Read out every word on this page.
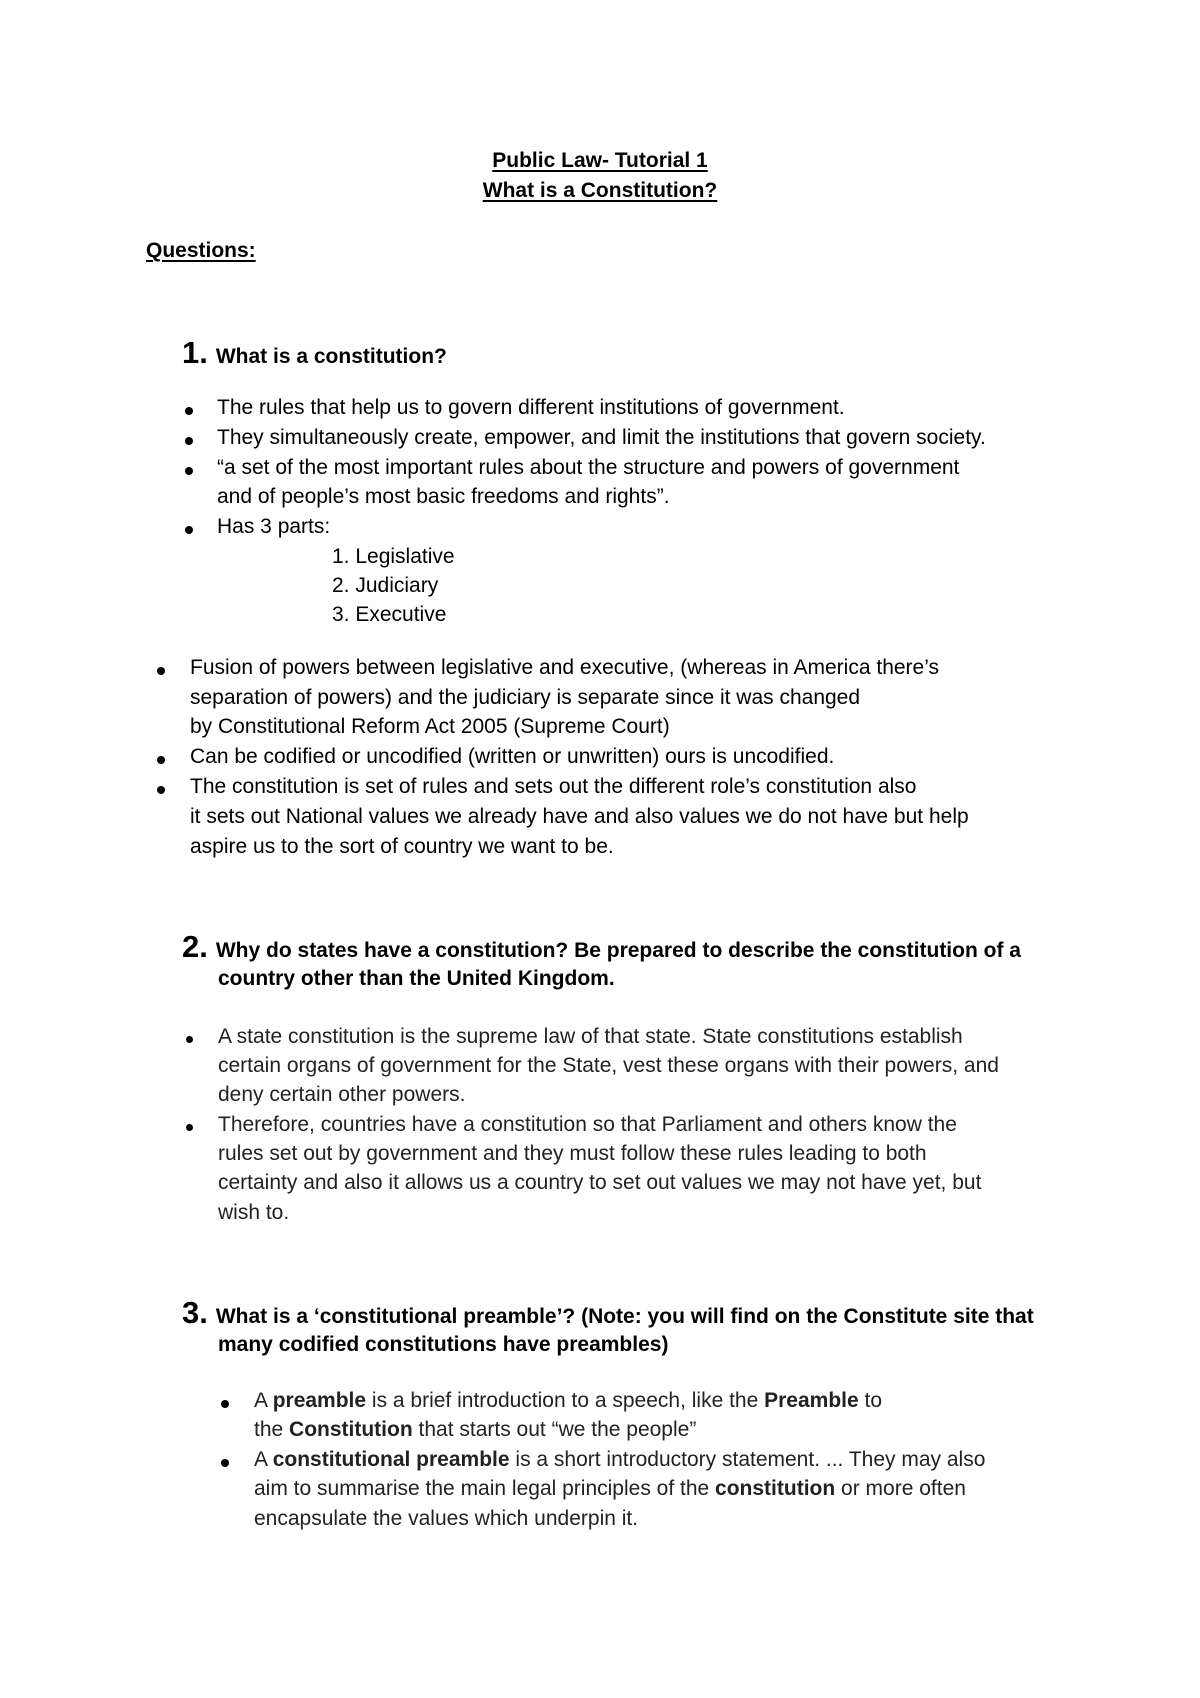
Public Law- Tutorial 1
What is a Constitution?
Questions:
1. What is a constitution?
The rules that help us to govern different institutions of government.
They simultaneously create, empower, and limit the institutions that govern society.
“a set of the most important rules about the structure and powers of government
and of people’s most basic freedoms and rights”.
Has 3 parts:
1. Legislative
2. Judiciary
3. Executive
Fusion of powers between legislative and executive, (whereas in America there’s
separation of powers) and the judiciary is separate since it was changed
by Constitutional Reform Act 2005 (Supreme Court)
Can be codified or uncodified (written or unwritten) ours is uncodified.
The constitution is set of rules and sets out the different role’s constitution also
it sets out National values we already have and also values we do not have but help
aspire us to the sort of country we want to be.
2. Why do states have a constitution? Be prepared to describe the constitution of a
country other than the United Kingdom.
A state constitution is the supreme law of that state. State constitutions establish
certain organs of government for the State, vest these organs with their powers, and
deny certain other powers.
Therefore, countries have a constitution so that Parliament and others know the
rules set out by government and they must follow these rules leading to both
certainty and also it allows us a country to set out values we may not have yet, but
wish to.
3. What is a ‘constitutional preamble’? (Note: you will find on the Constitute site that
many codified constitutions have preambles)
A preamble is a brief introduction to a speech, like the Preamble to
the Constitution that starts out “we the people”
A constitutional preamble is a short introductory statement. ... They may also
aim to summarise the main legal principles of the constitution or more often
encapsulate the values which underpin it.
